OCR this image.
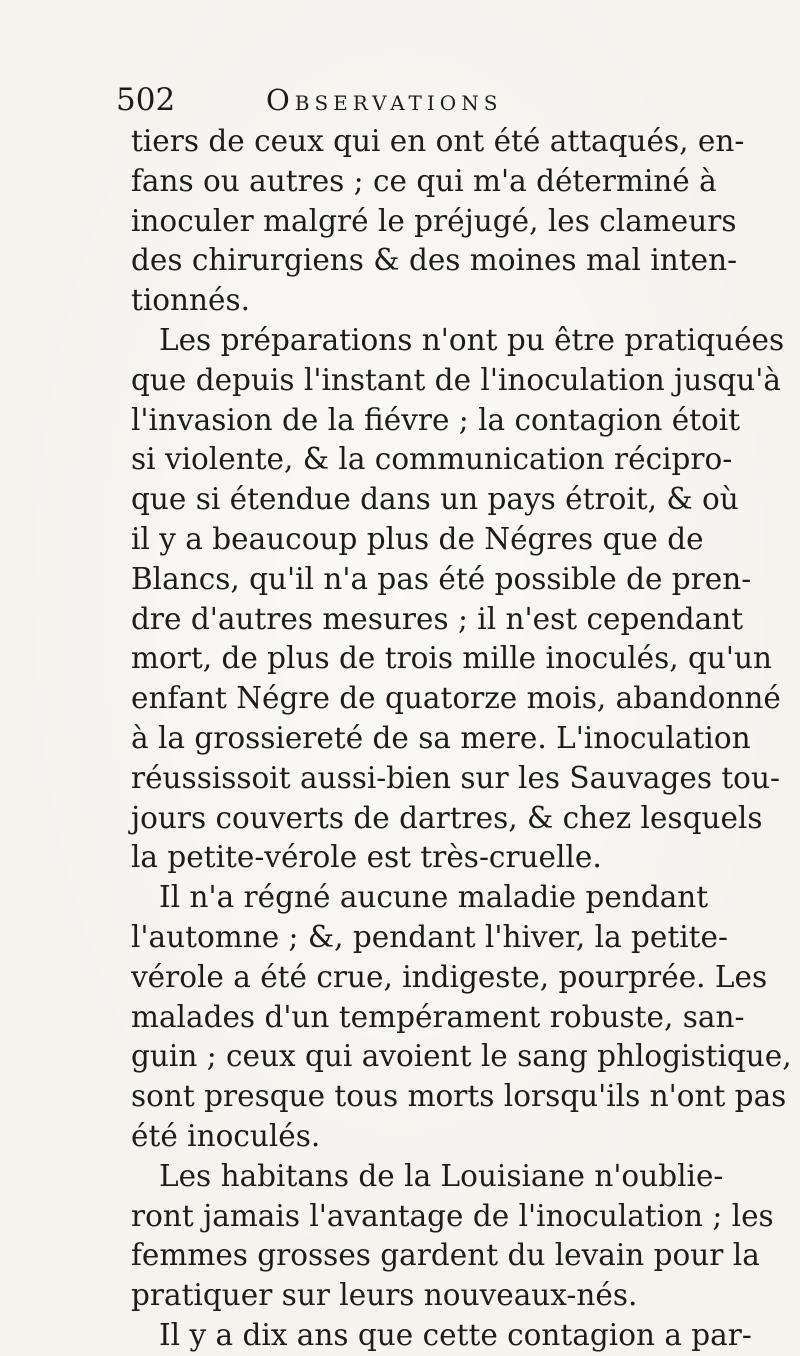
502	Observations
tiers de ceux qui en ont été attaqués, en-
fans ou autres ; ce qui m'a déterminé à
inoculer malgré le préjugé, les clameurs
des chirurgiens & des moines mal inten-
tionnés.
Les préparations n'ont pu être pratiquées
que depuis l'instant de l'inoculation jusqu'à
l'invasion de la fiévre ; la contagion étoit
si violente, & la communication récipro-
que si étendue dans un pays étroit, & où
il y a beaucoup plus de Négres que de
Blancs, qu'il n'a pas été possible de pren-
dre d'autres mesures ; il n'est cependant
mort, de plus de trois mille inoculés, qu'un
enfant Négre de quatorze mois, abandonné
à la grossiereté de sa mere. L'inoculation
réussissoit aussi-bien sur les Sauvages tou-
jours couverts de dartres, & chez lesquels
la petite-vérole est très-cruelle.
Il n'a régné aucune maladie pendant
l'automne ; &, pendant l'hiver, la petite-
vérole a été crue, indigeste, pourprée. Les
malades d'un tempérament robuste, san-
guin ; ceux qui avoient le sang phlogistique,
sont presque tous morts lorsqu'ils n'ont pas
été inoculés.
Les habitans de la Louisiane n'oublie-
ront jamais l'avantage de l'inoculation ; les
femmes grosses gardent du levain pour la
pratiquer sur leurs nouveaux-nés.
Il y a dix ans que cette contagion a par-
